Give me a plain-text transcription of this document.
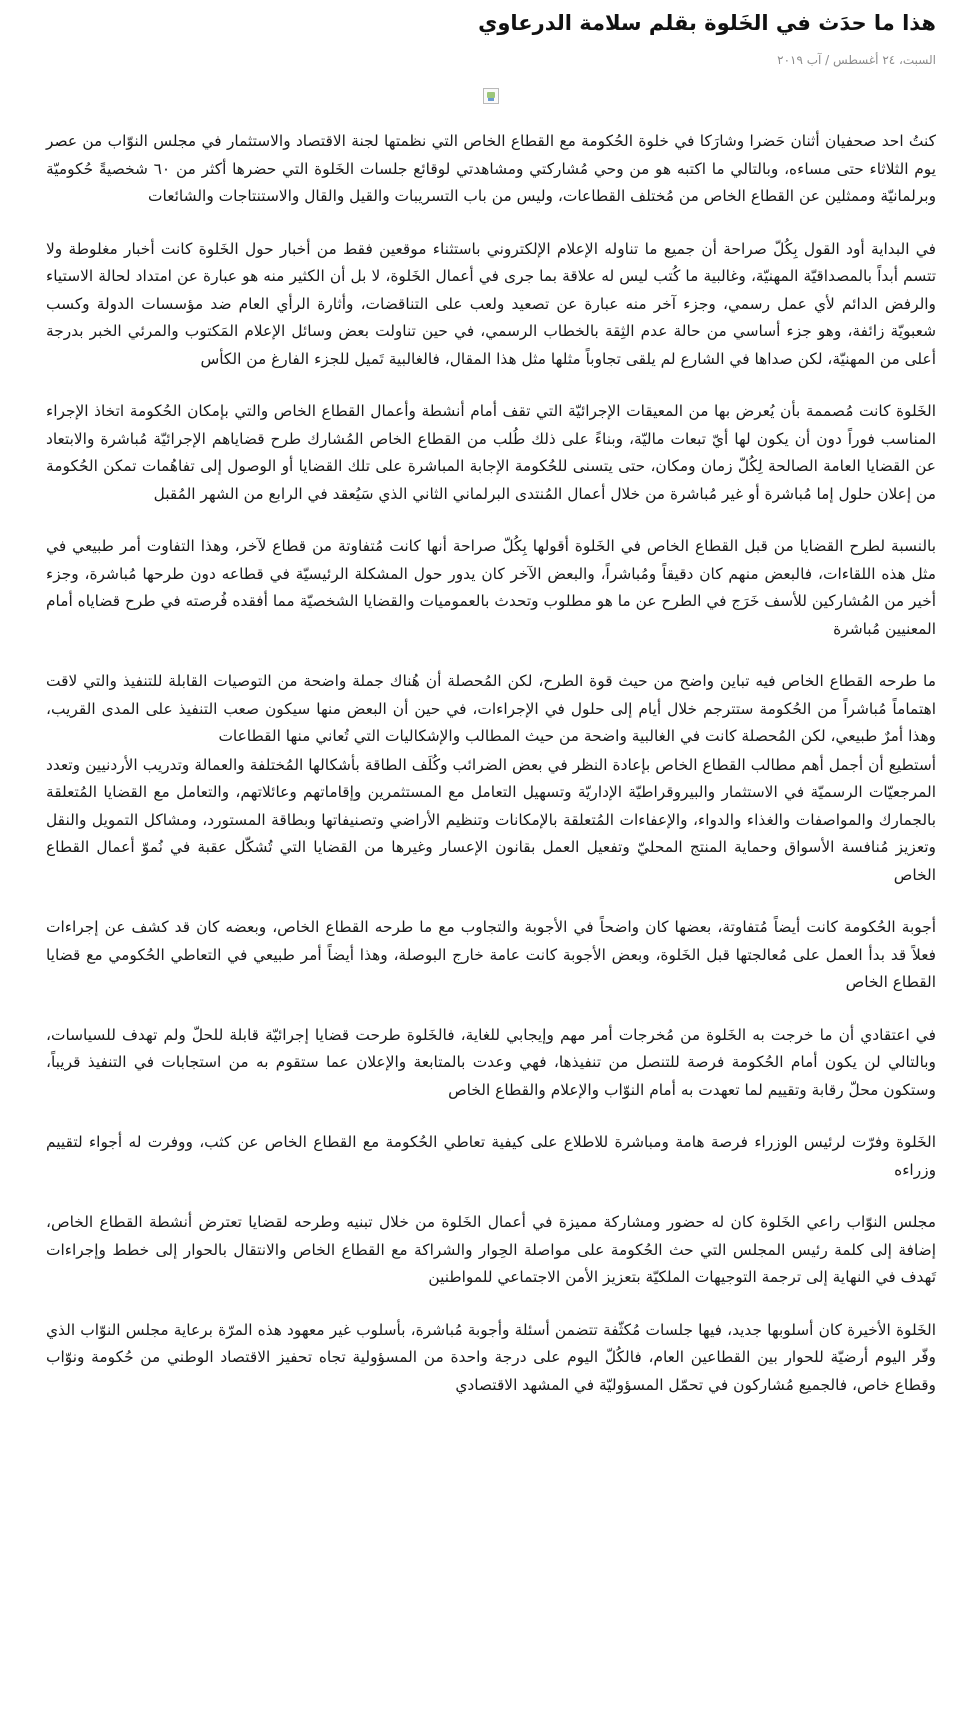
هذا ما حدَث في الخَلوة بقلم سلامة الدرعاوي
السبت، ٢٤ أغسطس / آب ٢٠١٩

كنتُ احد صحفيان أثنان حَضرا وشارَكا في خلوة الحُكومة مع القطاع الخاص التي نظمتها لجنة الاقتصاد والاستثمار في مجلس النوّاب من عصر يوم الثلاثاء حتى مساءه، وبالتالي ما اكتبه هو من وحي مُشاركتي ومشاهدتي لوقائع جلسات الخَلوة التي حضرها أكثر من ٦٠ شخصيةً حُكوميّة وبرلمانيّة وممثلين عن القطاع الخاص من مُختلف القطاعات، وليس من باب التسريبات والقيل والقال والاستنتاجات والشائعات

في البداية أود القول بِكُلّ صراحة أن جميع ما تناوله الإعلام الإلكتروني باستثناء موقعين فقط من أخبار حول الخَلوة كانت أخبار مغلوطة ولا تتسم أبداً بالمصداقيّة المهنيّة، وغالبية ما كُتب ليس له علاقة بما جرى في أعمال الخَلوة، لا بل أن الكثير منه هو عبارة عن امتداد لحالة الاستياء والرفض الدائم لأي عمل رسمي، وجزء آخر منه عبارة عن تصعيد ولعب على التناقضات، وأثارة الرأي العام ضد مؤسسات الدولة وكسب شعبويّة زائفة، وهو جزء أساسي من حالة عدم الثِقة بالخطاب الرسمي، في حين تناولت بعض وسائل الإعلام المَكتوب والمرئي الخبر بدرجة أعلى من المهنيّة، لكن صداها في الشارع لم يلقى تجاوباً مثلها مثل هذا المقال، فالغالبية تَميل للجزء الفارغ من الكأس

الخَلوة كانت مُصممة بأن يُعرض بها من المعيقات الإجرائيّة التي تقف أمام أنشطة وأعمال القطاع الخاص والتي بإمكان الحُكومة اتخاذ الإجراء المناسب فوراً دون أن يكون لها أيّ تبعات ماليّة، وبناءً على ذلك طُلب من القطاع الخاص المُشارك طرح قضاياهم الإجرائيّة مُباشرة والابتعاد عن القضايا العامة الصالحة لِكُلّ زمان ومكان، حتى يتسنى للحُكومة الإجابة المباشرة على تلك القضايا أو الوصول إلى تفاهُمات تمكن الحُكومة من إعلان حلول إما مُباشرة أو غير مُباشرة من خلال أعمال المُنتدى البرلماني الثاني الذي سَيُعقد في الرابع من الشهر المُقبل

بالنسبة لطرح القضايا من قبل القطاع الخاص في الخَلوة أقولها بِكُلّ صراحة أنها كانت مُتفاوتة من قطاع لآخر، وهذا التفاوت أمر طبيعي في مثل هذه اللقاءات، فالبعض منهم كان دقيقاً ومُباشراً، والبعض الآخر كان يدور حول المشكلة الرئيسيّة في قطاعه دون طرحها مُباشرة، وجزء أخير من المُشاركين للأسف خَرَج في الطرح عن ما هو مطلوب وتحدث بالعموميات والقضايا الشخصيّة مما أفقده فُرصته في طرح قضاياه أمام المعنيين مُباشرة

ما طرحه القطاع الخاص فيه تباين واضح من حيث قوة الطرح، لكن المُحصلة أن هُناك جملة واضحة من التوصيات القابلة للتنفيذ والتي لاقت اهتماماً مُباشراً من الحُكومة ستترجم خلال أيام إلى حلول في الإجراءات، في حين أن البعض منها سيكون صعب التنفيذ على المدى القريب، وهذا أمرٌ طبيعي، لكن المُحصلة كانت في الغالبية واضحة من حيث المطالب والإشكاليات التي تُعاني منها القطاعات

أستطيع أن أجمل أهم مطالب القطاع الخاص بإعادة النظر في بعض الضرائب وكُلَف الطاقة بأشكالها المُختلفة والعمالة وتدريب الأردنيين وتعدد المرجعيّات الرسميّة في الاستثمار والبيروقراطيّة الإداريّة وتسهيل التعامل مع المستثمرين وإقاماتهم وعائلاتهم، والتعامل مع القضايا المُتعلقة بالجمارك والمواصفات والغذاء والدواء، والإعفاءات المُتعلقة بالإمكانات وتنظيم الأراضي وتصنيفاتها وبطاقة المستورد، ومشاكل التمويل والنقل وتعزيز مُنافسة الأسواق وحماية المنتج المحليّ وتفعيل العمل بقانون الإعسار وغيرها من القضايا التي تُشكّل عقبة في نُموّ أعمال القطاع الخاص

أجوبة الحُكومة كانت أيضاً مُتفاوتة، بعضها كان واضحاً في الأجوبة والتجاوب مع ما طرحه القطاع الخاص، وبعضه كان قد كشف عن إجراءات فعلاً قد بدأ العمل على مُعالجتها قبل الخَلوة، وبعض الأجوبة كانت عامة خارج البوصلة، وهذا أيضاً أمر طبيعي في التعاطي الحُكومي مع قضايا القطاع الخاص

في اعتقادي أن ما خرجت به الخَلوة من مُخرجات أمر مهم وإيجابي للغاية، فالخَلوة طرحت قضايا إجرائيّة قابلة للحلّ ولم تهدف للسياسات، وبالتالي لن يكون أمام الحُكومة فرصة للتنصل من تنفيذها، فهي وعدت بالمتابعة والإعلان عما ستقوم به من استجابات في التنفيذ قريباً، وستكون محلّ رقابة وتقييم لما تعهدت به أمام النوّاب والإعلام والقطاع الخاص

الخَلوة وفرّت لرئيس الوزراء فرصة هامة ومباشرة للاطلاع على كيفية تعاطي الحُكومة مع القطاع الخاص عن كثب، ووفرت له أجواء لتقييم وزراءه

مجلس النوّاب راعي الخَلوة كان له حضور ومشاركة مميزة في أعمال الخَلوة من خلال تبنيه وطرحه لقضايا تعترض أنشطة القطاع الخاص، إضافة إلى كلمة رئيس المجلس التي حث الحُكومة على مواصلة الحِوار والشراكة مع القطاع الخاص والانتقال بالحوار إلى خطط وإجراءات تَهدف في النهاية إلى ترجمة التوجيهات الملكيّة بتعزيز الأمن الاجتماعي للمواطنين

الخَلوة الأخيرة كان أسلوبها جديد، فيها جلسات مُكثّفة تتضمن أسئلة وأجوبة مُباشرة، بأسلوب غير معهود هذه المرّة برعاية مجلس النوّاب الذي وفّر اليوم أرضيّة للحوار بين القطاعين العام، فالكُلّ اليوم على درجة واحدة من المسؤولية تجاه تحفيز الاقتصاد الوطني من حُكومة ونوّاب وقطاع خاص، فالجميع مُشاركون في تحمّل المسؤوليّة في المشهد الاقتصادي
